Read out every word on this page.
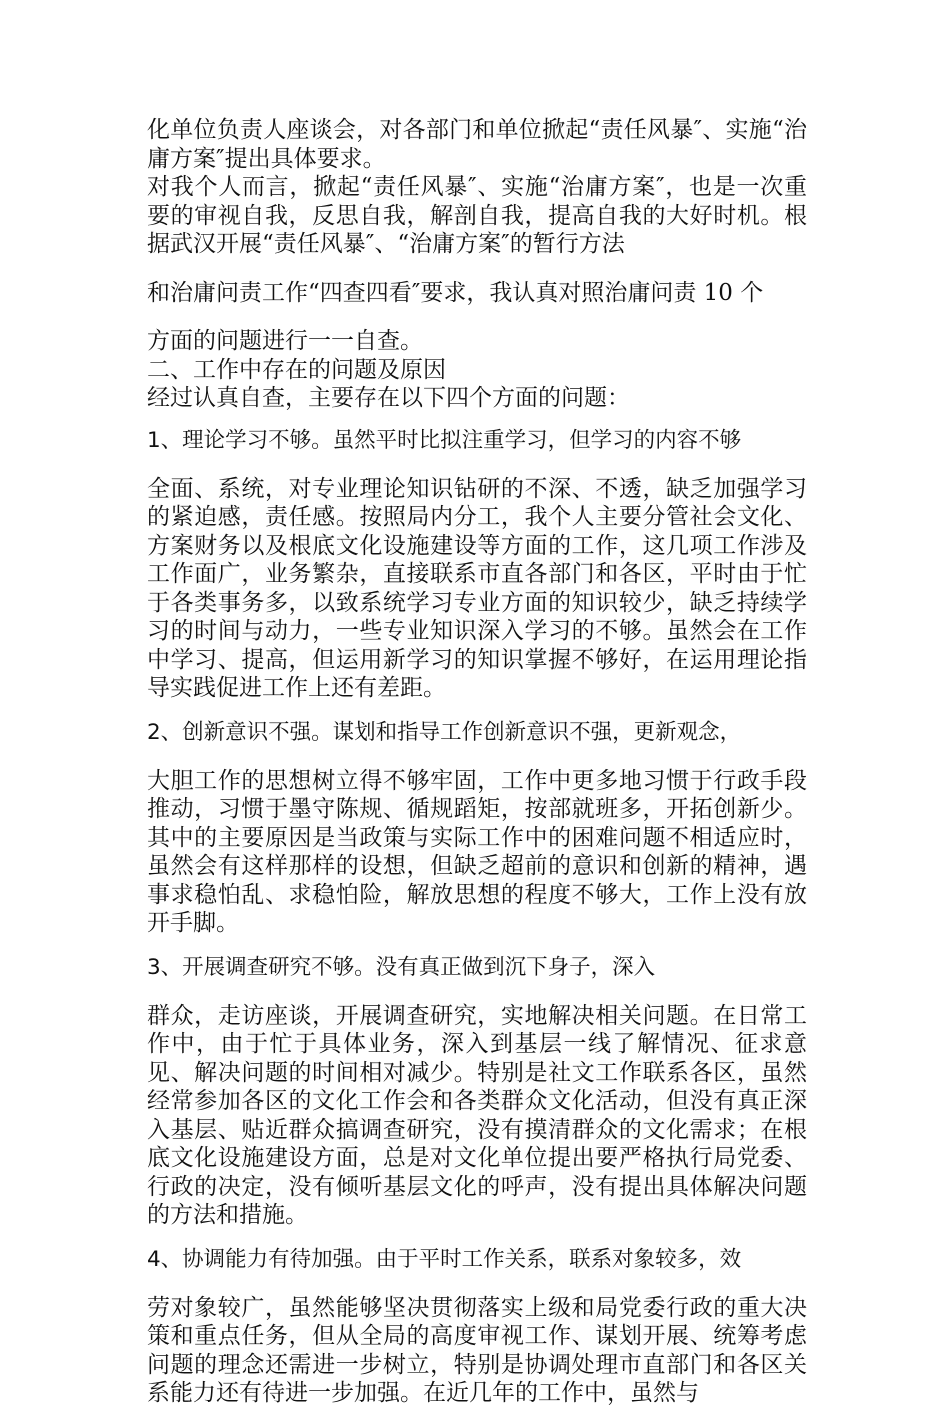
化单位负责人座谈会，对各部门和单位掀起“责任风暴″、实施“治庸方案″提出具体要求。

对我个人而言，掀起“责任风暴″、实施“治庸方案″，也是一次重要的审视自我，反思自我，解剖自我，提高自我的大好时机。根据武汉开展“责任风暴″、“治庸方案″的暂行方法

和治庸问责工作“四查四看″要求，我认真对照治庸问责 10 个

方面的问题进行一一自查。

二、工作中存在的问题及原因

经过认真自查，主要存在以下四个方面的问题：

1、理论学习不够。虽然平时比拟注重学习，但学习的内容不够

全面、系统，对专业理论知识钻研的不深、不透，缺乏加强学习的紧迫感，责任感。按照局内分工，我个人主要分管社会文化、方案财务以及根底文化设施建设等方面的工作，这几项工作涉及工作面广，业务繁杂，直接联系市直各部门和各区，平时由于忙于各类事务多，以致系统学习专业方面的知识较少，缺乏持续学习的时间与动力，一些专业知识深入学习的不够。虽然会在工作中学习、提高，但运用新学习的知识掌握不够好，在运用理论指导实践促进工作上还有差距。

2、创新意识不强。谋划和指导工作创新意识不强，更新观念，

大胆工作的思想树立得不够牢固，工作中更多地习惯于行政手段推动，习惯于墨守陈规、循规蹈矩，按部就班多，开拓创新少。其中的主要原因是当政策与实际工作中的困难问题不相适应时，虽然会有这样那样的设想，但缺乏超前的意识和创新的精神，遇事求稳怕乱、求稳怕险，解放思想的程度不够大，工作上没有放开手脚。

3、开展调查研究不够。没有真正做到沉下身子，深入

群众，走访座谈，开展调查研究，实地解决相关问题。在日常工作中，由于忙于具体业务，深入到基层一线了解情况、征求意见、解决问题的时间相对减少。特别是社文工作联系各区，虽然经常参加各区的文化工作会和各类群众文化活动，但没有真正深入基层、贴近群众搞调查研究，没有摸清群众的文化需求；在根底文化设施建设方面，总是对文化单位提出要严格执行局党委、行政的决定，没有倾听基层文化的呼声，没有提出具体解决问题的方法和措施。

4、协调能力有待加强。由于平时工作关系，联系对象较多，效

劳对象较广，虽然能够坚决贯彻落实上级和局党委行政的重大决策和重点任务，但从全局的高度审视工作、谋划开展、统筹考虑问题的理念还需进一步树立，特别是协调处理市直部门和各区关系能力还有待进一步加强。在近几年的工作中，虽然与
